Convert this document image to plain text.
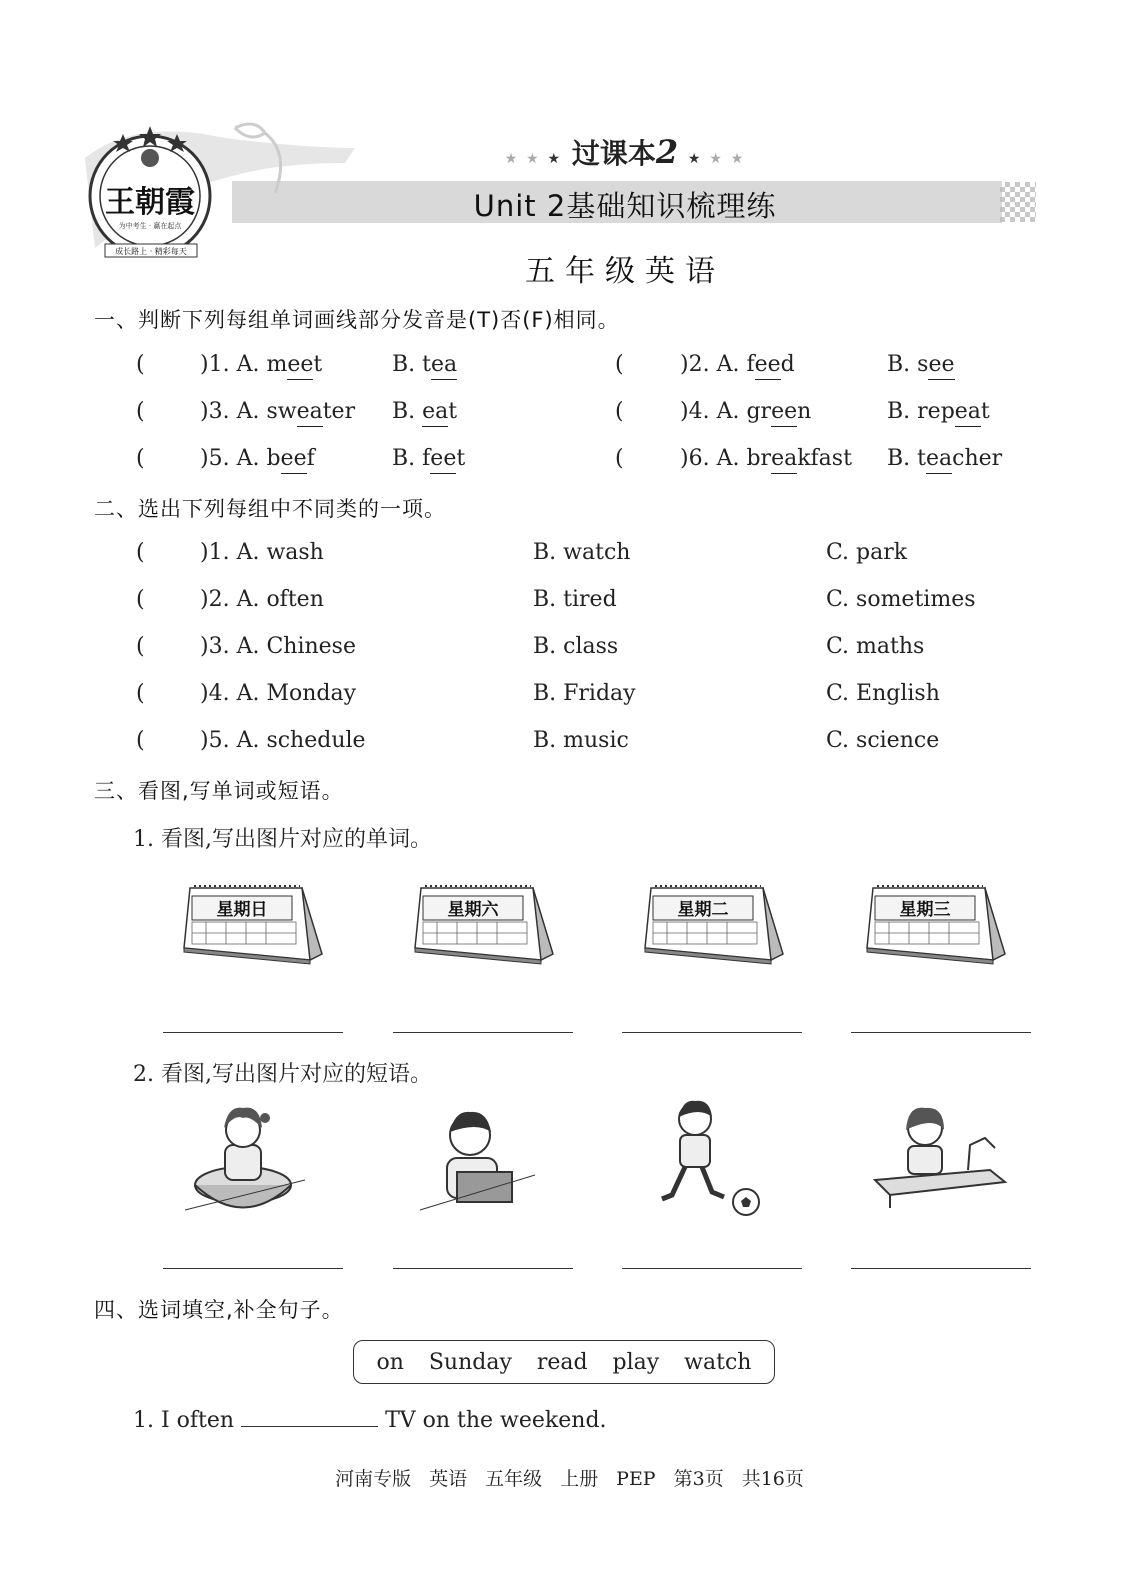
王朝霞
为中考生 · 赢在起点
成长路上 · 精彩每天
★ ★ ★ 过课本2 ★ ★ ★
Unit 2基础知识梳理练
五年级英语
一、判断下列每组单词画线部分发音是(T)否(F)相同。
(	)1. A. meet	B. tea	(	)2. A. feed	B. see
(	)3. A. sweater B. eat	(	)4. A. green	B. repeat
(	)5. A. beef	B. feet	(	)6. A. breakfast B. teacher
二、选出下列每组中不同类的一项。
(	)1. A. wash	B. watch	C. park
(	)2. A. often	B. tired	C. sometimes
(	)3. A. Chinese	B. class	C. maths
(	)4. A. Monday	B. Friday	C. English
(	)5. A. schedule	B. music	C. science
三、看图,写单词或短语。
1. 看图,写出图片对应的单词。
星期日	星期六	星期二	星期三
2. 看图,写出图片对应的短语。
四、选词填空,补全句子。
on Sunday read play watch
1. I often	TV on the weekend.
河南专版 英语 五年级 上册 PEP 第3页 共16页
